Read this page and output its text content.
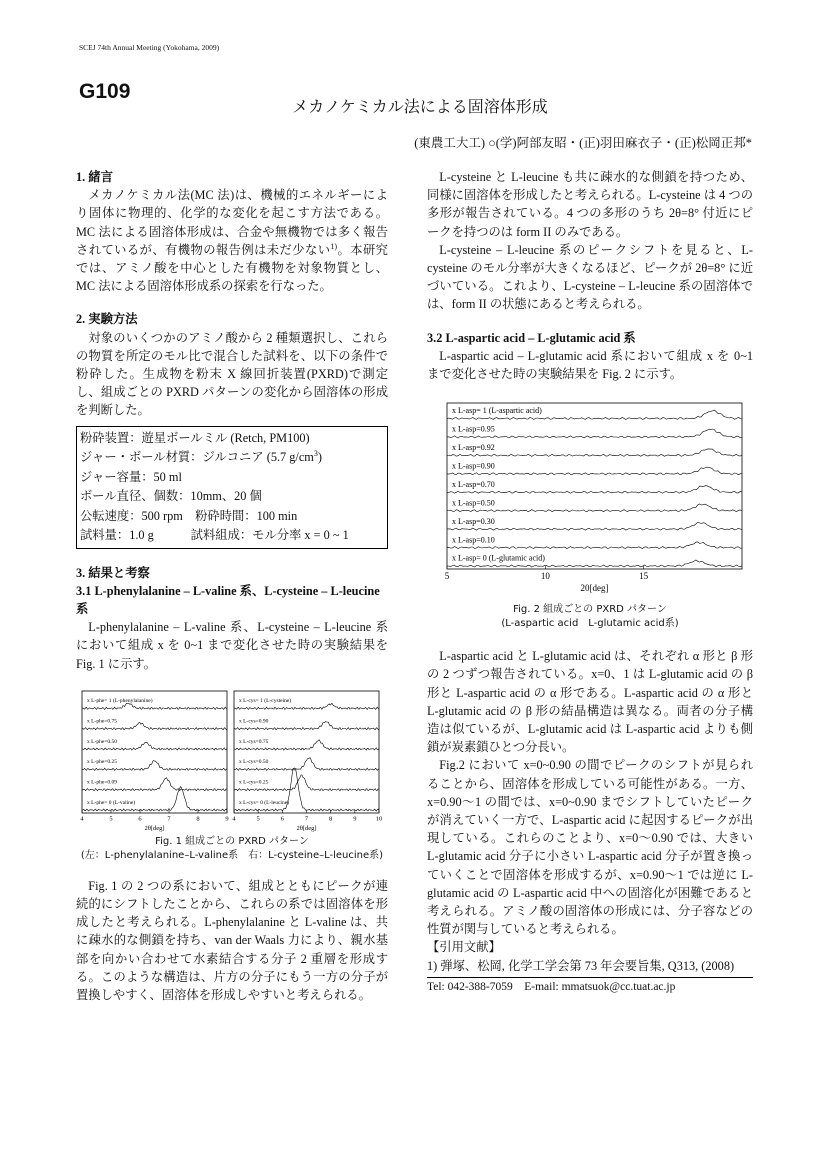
SCEJ 74th Annual Meeting (Yokohama, 2009)
G109
メカノケミカル法による固溶体形成
(東農工大工) ○(学)阿部友昭・(正)羽田麻衣子・(正)松岡正邦*

1. 緒言

メカノケミカル法(MC 法)は、機械的エネルギーにより固体に物理的、化学的な変化を起こす方法である。MC 法による固溶体形成は、合金や無機物では多く報告されているが、有機物の報告例は未だ少ない$^{1)}$。本研究では、アミノ酸を中心とした有機物を対象物質とし、MC 法による固溶体形成系の探索を行なった。

2. 実験方法

対象のいくつかのアミノ酸から 2 種類選択し、これらの物質を所定のモル比で混合した試料を、以下の条件で粉砕した。生成物を粉末 X 線回折装置(PXRD)で測定し、組成ごとの PXRD パターンの変化から固溶体の形成を判断した。

粉砕装置：遊星ボールミル (Retch, PM100)
ジャー・ボール材質：ジルコニア (5.7 $g/cm^3$)
ジャー容量：50 ml
ボール直径、個数：10mm、20 個
公転速度：500 rpm　粉砕時間：100 min
試料量：1.0 g　　　試料組成：モル分率 x = 0 ~ 1

3. 結果と考察

3.1 L-phenylalanine – L-valine 系、L-cysteine – L-leucine 系

L-phenylalanine – L-valine 系、L-cysteine – L-leucine 系において組成 x を 0~1 まで変化させた時の実験結果を Fig. 1 に示す。

x L-phe= 1 (L-phenylalanine)
x L-phe=0.75
x L-phe=0.50
x L-phe=0.25
x L-phe=0.09
x L-phe= 0 (L-valine)
4	5	6	7	8	9
2θ[deg]
x L-cys= 1 (L-cysteine)
x L-cys=0.90
x L-cys=0.75
x L-cys=0.50
x L-cys=0.25
x L-cys= 0 (L-leucine)
4	5	6	7	8	9	10
2θ[deg]
Fig. 1 組成ごとの PXRD パターン
(左：L-phenylalanine–L-valine系　右：L-cysteine–L-leucine系)

Fig. 1 の 2 つの系において、組成とともにピークが連続的にシフトしたことから、これらの系では固溶体を形成したと考えられる。L-phenylalanine と L-valine は、共に疎水的な側鎖を持ち、van der Waals 力により、親水基部を向かい合わせて水素結合する分子 2 重層を形成する。このような構造は、片方の分子にもう一方の分子が置換しやすく、固溶体を形成しやすいと考えられる。

L-cysteine と L-leucine も共に疎水的な側鎖を持つため、同様に固溶体を形成したと考えられる。L-cysteine は 4 つの多形が報告されている。4 つの多形のうち 2θ=8° 付近にピークを持つのは form II のみである。

L-cysteine – L-leucine 系のピークシフトを見ると、L-cysteine のモル分率が大きくなるほど、ピークが 2θ=8° に近づいている。これより、L-cysteine – L-leucine 系の固溶体では、form II の状態にあると考えられる。

3.2 L-aspartic acid – L-glutamic acid 系

L-aspartic acid – L-glutamic acid 系において組成 x を 0~1 まで変化させた時の実験結果を Fig. 2 に示す。

x L-asp= 1 (L-aspartic acid)
x L-asp=0.95
x L-asp=0.92
x L-asp=0.90
x L-asp=0.70
x L-asp=0.50
x L-asp=0.30
x L-asp=0.10
x L-asp= 0 (L-glutamic acid)
5	10	15
20[deg]
Fig. 2 組成ごとの PXRD パターン
(L-aspartic acid　L-glutamic acid系)

L-aspartic acid と L-glutamic acid は、それぞれ α 形と β 形の 2 つずつ報告されている。x=0、1 は L-glutamic acid の β 形と L-aspartic acid の α 形である。L-aspartic acid の α 形と L-glutamic acid の β 形の結晶構造は異なる。両者の分子構造は似ているが、L-glutamic acid は L-aspartic acid よりも側鎖が炭素鎖ひとつ分長い。

Fig.2 において x=0~0.90 の間でピークのシフトが見られることから、固溶体を形成している可能性がある。一方、x=0.90〜1 の間では、x=0~0.90 までシフトしていたピークが消えていく一方で、L-aspartic acid に起因するピークが出現している。これらのことより、x=0〜0.90 では、大きい L-glutamic acid 分子に小さい L-aspartic acid 分子が置き換っていくことで固溶体を形成するが、x=0.90〜1 では逆に L-glutamic acid の L-aspartic acid 中への固溶化が困難であると考えられる。アミノ酸の固溶体の形成には、分子容などの性質が関与していると考えられる。

【引用文献】

1) 弾塚、松岡, 化学工学会第 73 年会要旨集, Q313, (2008)

Tel: 042-388-7059　E-mail: mmatsuok@cc.tuat.ac.jp
